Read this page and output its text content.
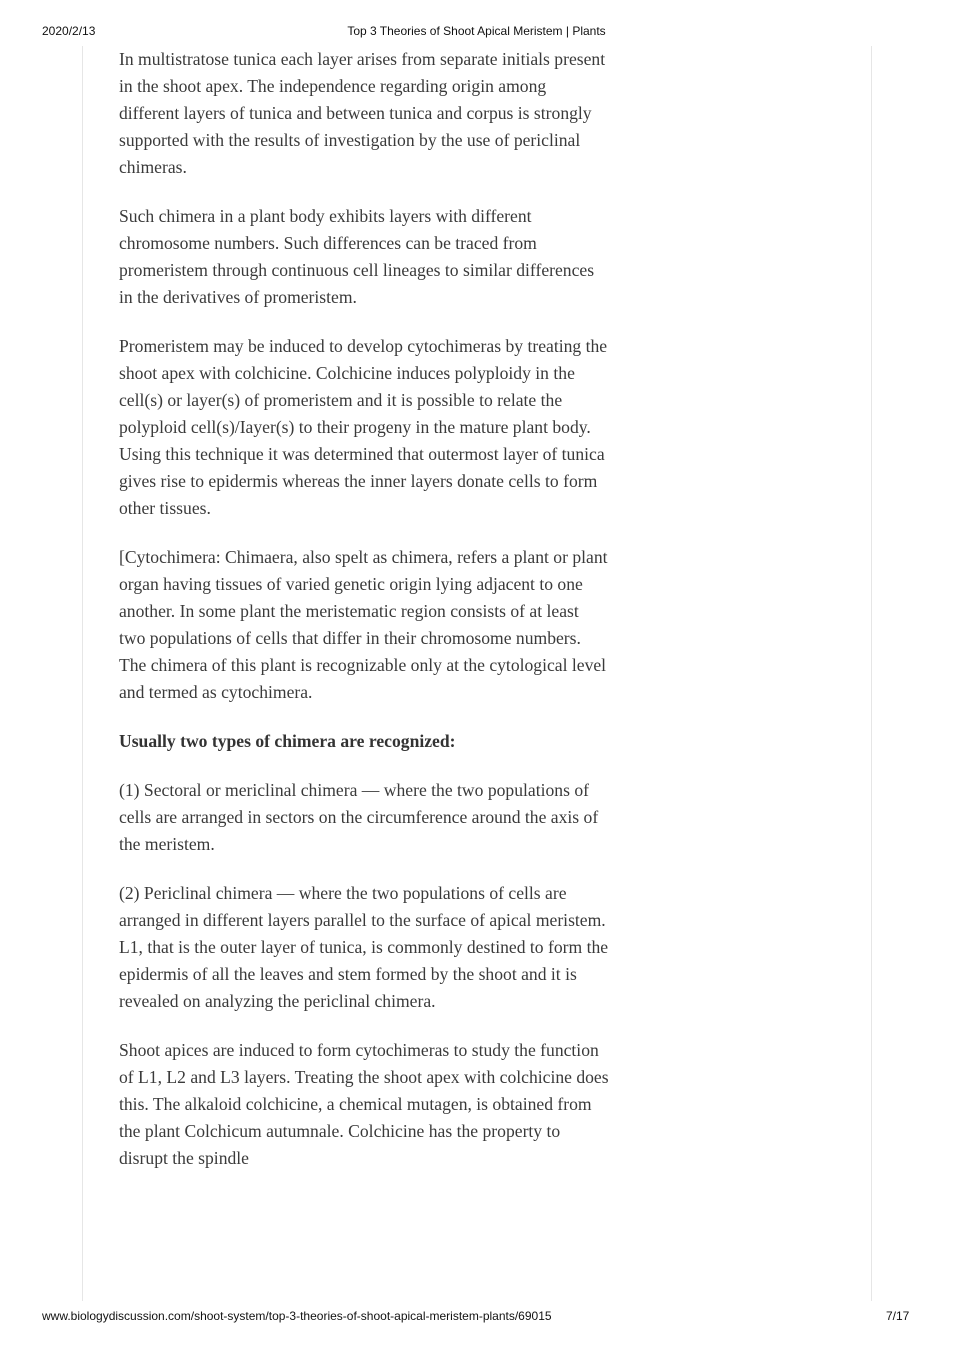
2020/2/13	Top 3 Theories of Shoot Apical Meristem | Plants

In multistratose tunica each layer arises from separate initials present in the shoot apex. The independence regarding origin among different layers of tunica and between tunica and corpus is strongly supported with the results of investigation by the use of periclinal chimeras.

Such chimera in a plant body exhibits layers with different chromosome numbers. Such differences can be traced from promeristem through continuous cell lineages to similar differences in the derivatives of promeristem.

Promeristem may be induced to develop cytochimeras by treating the shoot apex with colchicine. Colchicine induces polyploidy in the cell(s) or layer(s) of promeristem and it is possible to relate the polyploid cell(s)/Iayer(s) to their progeny in the mature plant body. Using this technique it was determined that outermost layer of tunica gives rise to epidermis whereas the inner layers donate cells to form other tissues.

[Cytochimera: Chimaera, also spelt as chimera, refers a plant or plant organ having tissues of varied genetic origin lying adjacent to one another. In some plant the meristematic region consists of at least two populations of cells that differ in their chromosome numbers. The chimera of this plant is recognizable only at the cytological level and termed as cytochimera.

Usually two types of chimera are recognized:

(1) Sectoral or mericlinal chimera — where the two populations of cells are arranged in sectors on the circumference around the axis of the meristem.

(2) Periclinal chimera — where the two populations of cells are arranged in different layers parallel to the surface of apical meristem. L1, that is the outer layer of tunica, is commonly destined to form the epidermis of all the leaves and stem formed by the shoot and it is revealed on analyzing the periclinal chimera.

Shoot apices are induced to form cytochimeras to study the function of L1, L2 and L3 layers. Treating the shoot apex with colchicine does this. The alkaloid colchicine, a chemical mutagen, is obtained from the plant Colchicum autumnale. Colchicine has the property to disrupt the spindle

www.biologydiscussion.com/shoot-system/top-3-theories-of-shoot-apical-meristem-plants/69015	7/17
